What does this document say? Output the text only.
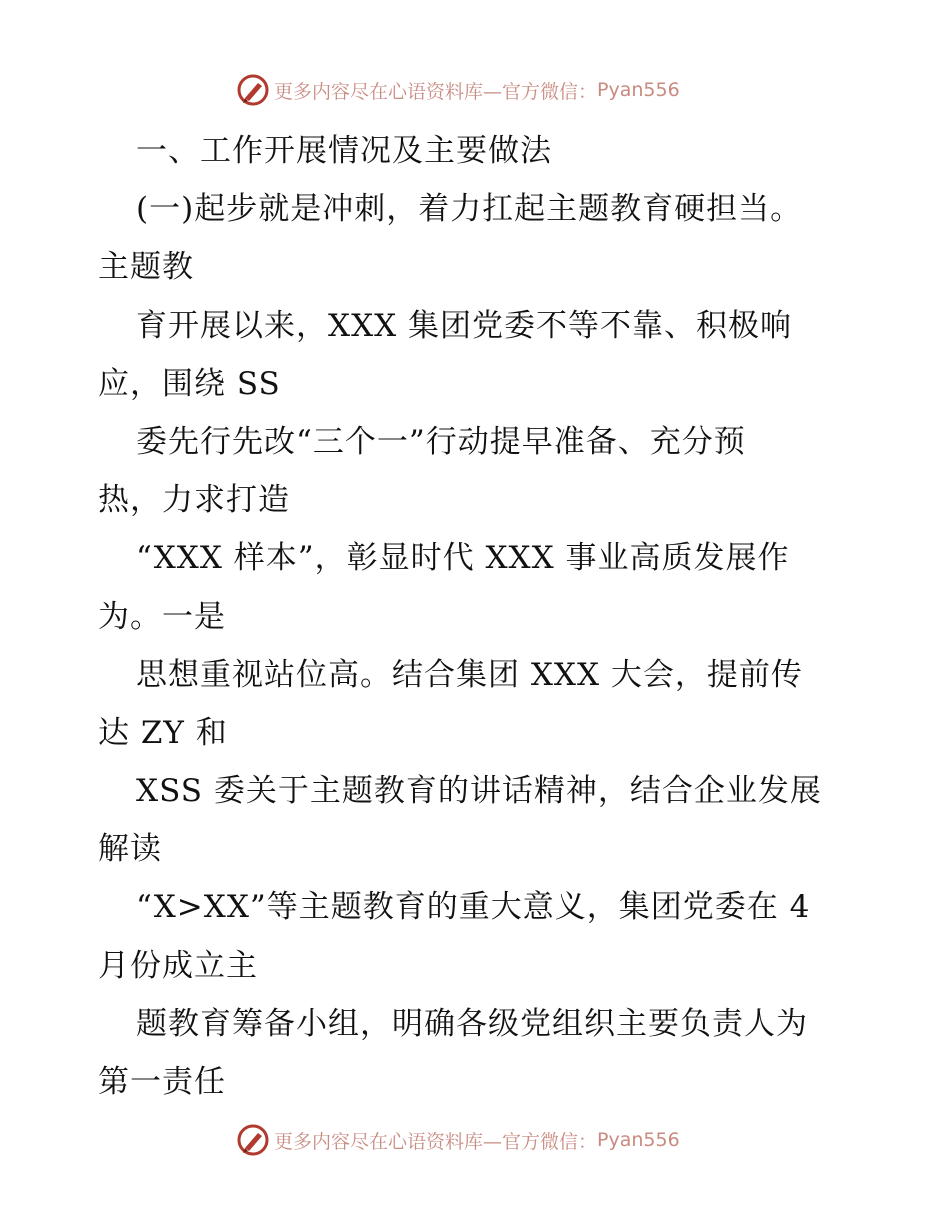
更多内容尽在心语资料库—官方微信： Pyan556
一、工作开展情况及主要做法
(一)起步就是冲刺，着力扛起主题教育硬担当。
主题教
育开展以来，XXX 集团党委不等不靠、积极响
应，围绕 SS
委先行先改“三个一”行动提早准备、充分预
热，力求打造
“XXX 样本”，彰显时代 XXX 事业高质发展作
为。一是
思想重视站位高。结合集团 XXX 大会，提前传
达 ZY 和
XSS 委关于主题教育的讲话精神，结合企业发展
解读
“X>XX”等主题教育的重大意义，集团党委在 4
月份成立主
题教育筹备小组，明确各级党组织主要负责人为
第一责任
更多内容尽在心语资料库—官方微信： Pyan556
